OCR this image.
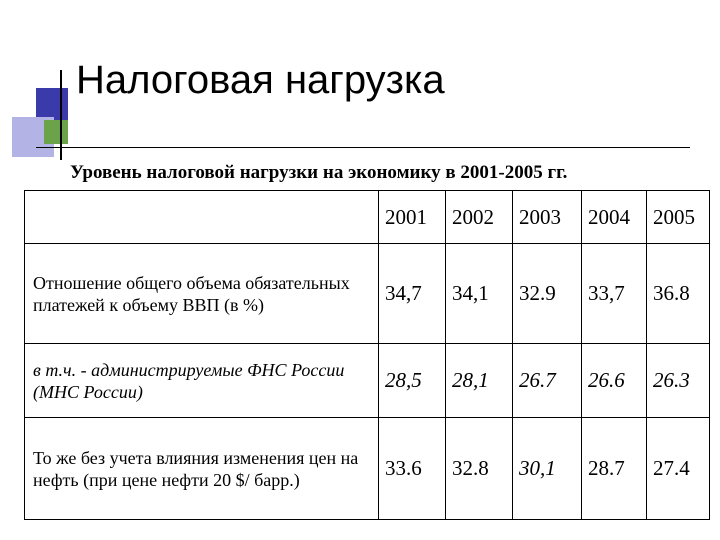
Налоговая нагрузка
Уровень налоговой нагрузки на экономику в 2001-2005 гг.
	2001	2002	2003	2004	2005
Отношение общего объема обязательных платежей к объему ВВП (в %)	34,7	34,1	32.9	33,7	36.8
в т.ч. - администрируемые ФНС России (МНС России)	28,5	28,1	26.7	26.6	26.3
То же без учета влияния изменения цен на нефть (при цене нефти 20 $/ барр.)	33.6	32.8	30,1	28.7	27.4
